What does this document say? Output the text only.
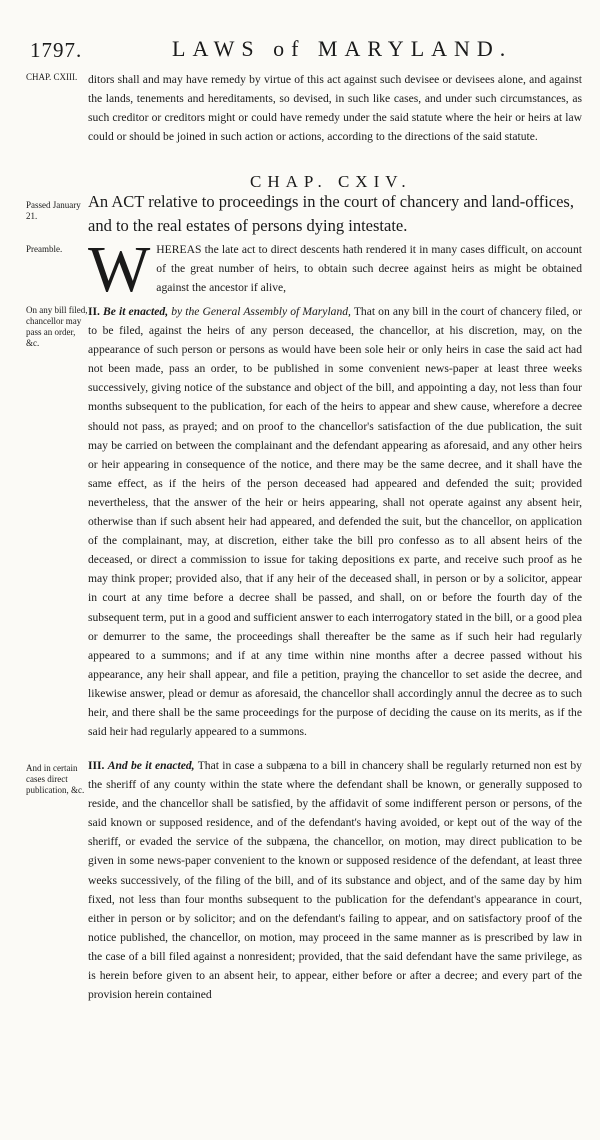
1797.	LAWS of MARYLAND.
CHAP. CXIII. ditors shall and may have remedy by virtue of this act against such devisee or devisees alone, and against the lands, tenements and hereditaments, so devised, in such like cases, and under such circumstances, as such creditor or creditors might or could have remedy under the said statute where the heir or heirs at law could or should be joined in such action or actions, according to the directions of the said statute.
CHAP. CXIV.
Passed January 21.
An ACT relative to proceedings in the court of chancery and land-offices, and to the real estates of persons dying intestate.
Preamble. WHEREAS the late act to direct descents hath rendered it in many cases difficult, on account of the great number of heirs, to obtain such decree against heirs as might be obtained against the ancestor if alive,
On any bill filed, chancellor may pass an order, &c.
II. Be it enacted, by the General Assembly of Maryland, That on any bill in the court of chancery filed, or to be filed, against the heirs of any person deceased, the chancellor, at his discretion, may, on the appearance of such person or persons as would have been sole heir or only heirs in case the said act had not been made, pass an order, to be published in some convenient news-paper at least three weeks successively, giving notice of the substance and object of the bill, and appointing a day, not less than four months subsequent to the publication, for each of the heirs to appear and shew cause, wherefore a decree should not pass, as prayed; and on proof to the chancellor's satisfaction of the due publication, the suit may be carried on between the complainant and the defendant appearing as aforesaid, and any other heirs or heir appearing in consequence of the notice, and there may be the same decree, and it shall have the same effect, as if the heirs of the person deceased had appeared and defended the suit; provided nevertheless, that the answer of the heir or heirs appearing, shall not operate against any absent heir, otherwise than if such absent heir had appeared, and defended the suit, but the chancellor, on application of the complainant, may, at discretion, either take the bill pro confesso as to all absent heirs of the deceased, or direct a commission to issue for taking depositions ex parte, and receive such proof as he may think proper; provided also, that if any heir of the deceased shall, in person or by a solicitor, appear in court at any time before a decree shall be passed, and shall, on or before the fourth day of the subsequent term, put in a good and sufficient answer to each interrogatory stated in the bill, or a good plea or demurrer to the same, the proceedings shall thereafter be the same as if such heir had regularly appeared to a summons; and if at any time within nine months after a decree passed without his appearance, any heir shall appear, and file a petition, praying the chancellor to set aside the decree, and likewise answer, plead or demur as aforesaid, the chancellor shall accordingly annul the decree as to such heir, and there shall be the same proceedings for the purpose of deciding the cause on its merits, as if the said heir had regularly appeared to a summons.
And in certain cases direct publication, &c.
III. And be it enacted, That in case a subpæna to a bill in chancery shall be regularly returned non est by the sheriff of any county within the state where the defendant shall be known, or generally supposed to reside, and the chancellor shall be satisfied, by the affidavit of some indifferent person or persons, of the said known or supposed residence, and of the defendant's having avoided, or kept out of the way of the sheriff, or evaded the service of the subpæna, the chancellor, on motion, may direct publication to be given in some news-paper convenient to the known or supposed residence of the defendant, at least three weeks successively, of the filing of the bill, and of its substance and object, and of the same day by him fixed, not less than four months subsequent to the publication for the defendant's appearance in court, either in person or by solicitor; and on the defendant's failing to appear, and on satisfactory proof of the notice published, the chancellor, on motion, may proceed in the same manner as is prescribed by law in the case of a bill filed against a nonresident; provided, that the said defendant have the same privilege, as is herein before given to an absent heir, to appear, either before or after a decree; and every part of the provision herein contained
